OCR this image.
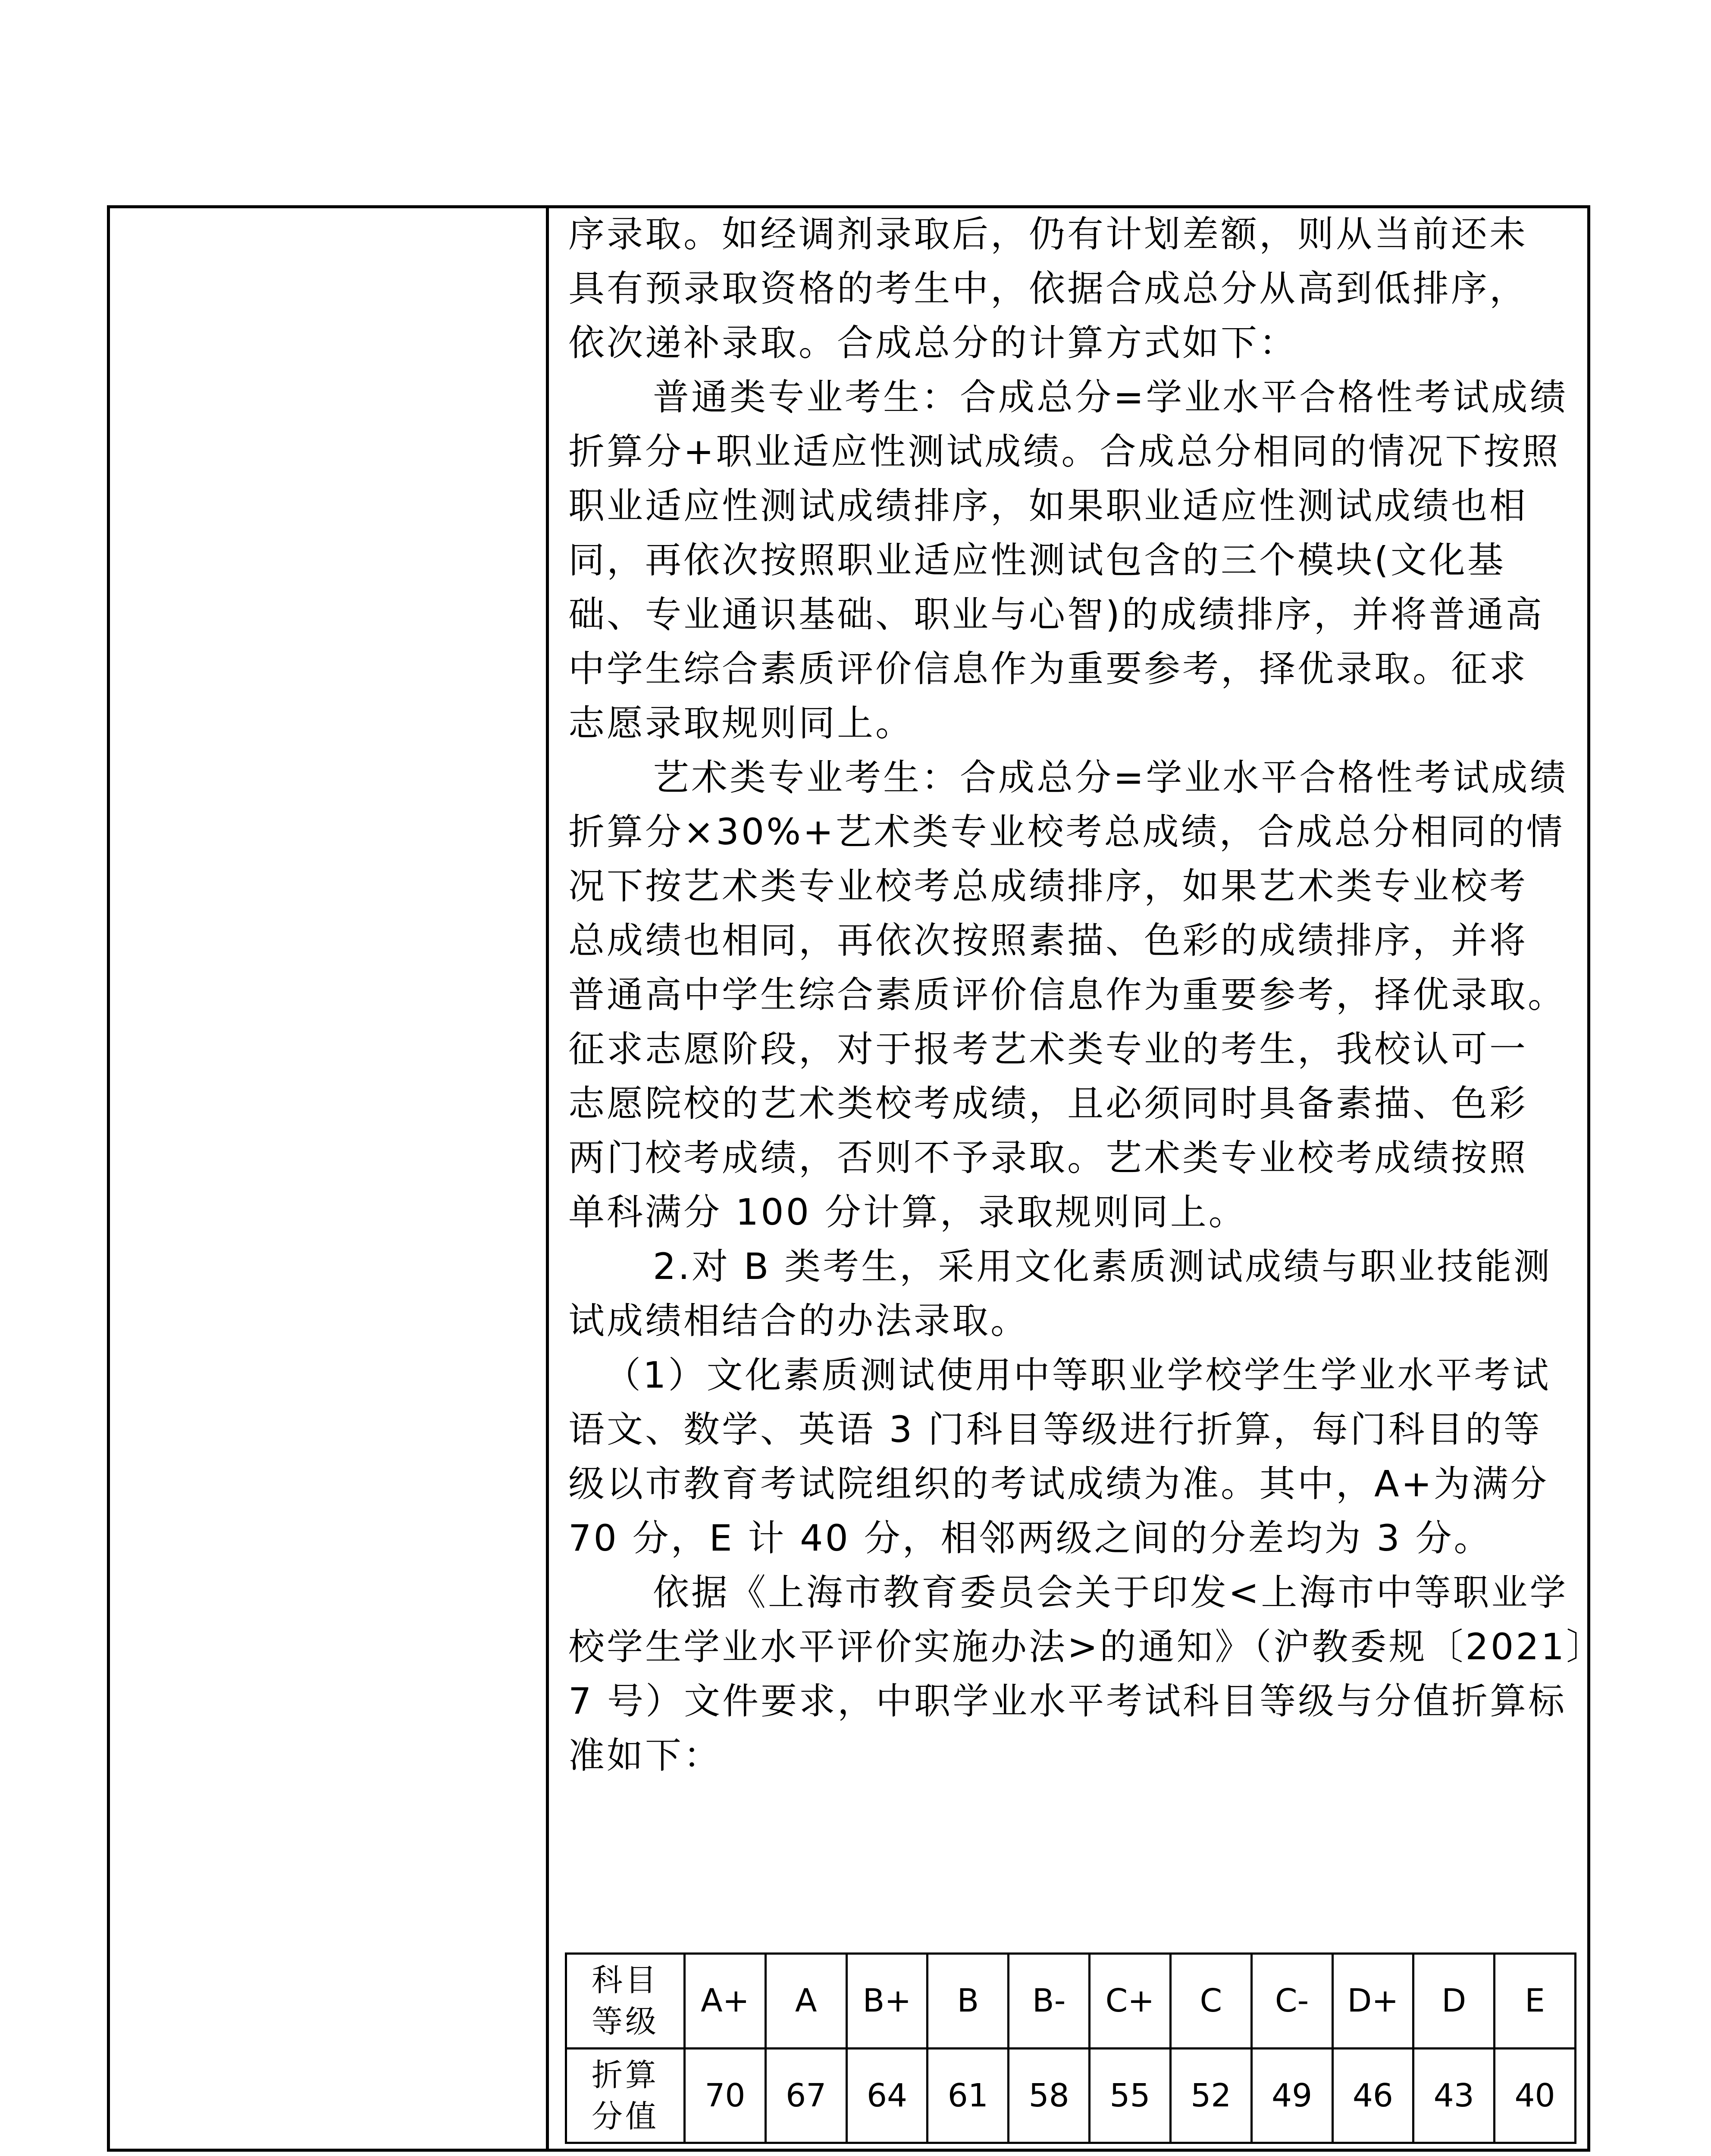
序录取。如经调剂录取后，仍有计划差额，则从当前还未
具有预录取资格的考生中，依据合成总分从高到低排序，
依次递补录取。合成总分的计算方式如下：
普通类专业考生：合成总分=学业水平合格性考试成绩
折算分+职业适应性测试成绩。合成总分相同的情况下按照
职业适应性测试成绩排序，如果职业适应性测试成绩也相
同，再依次按照职业适应性测试包含的三个模块(文化基
础、专业通识基础、职业与心智)的成绩排序，并将普通高
中学生综合素质评价信息作为重要参考，择优录取。征求
志愿录取规则同上。
艺术类专业考生：合成总分=学业水平合格性考试成绩
折算分×30%+艺术类专业校考总成绩，合成总分相同的情
况下按艺术类专业校考总成绩排序，如果艺术类专业校考
总成绩也相同，再依次按照素描、色彩的成绩排序，并将
普通高中学生综合素质评价信息作为重要参考，择优录取。
征求志愿阶段，对于报考艺术类专业的考生，我校认可一
志愿院校的艺术类校考成绩，且必须同时具备素描、色彩
两门校考成绩，否则不予录取。艺术类专业校考成绩按照
单科满分 100 分计算，录取规则同上。
2.对 B 类考生，采用文化素质测试成绩与职业技能测
试成绩相结合的办法录取。
（1）文化素质测试使用中等职业学校学生学业水平考试
语文、数学、英语 3 门科目等级进行折算，每门科目的等
级以市教育考试院组织的考试成绩为准。其中，A+为满分
70 分，E 计 40 分，相邻两级之间的分差均为 3 分。
依据《上海市教育委员会关于印发<上海市中等职业学
校学生学业水平评价实施办法>的通知》（沪教委规〔2021〕
7 号）文件要求，中职学业水平考试科目等级与分值折算标
准如下：
科目
等级	A+	A	B+	B	B-	C+	C	C-	D+	D	E

折算
分值	70	67	64	61	58	55	52	49	46	43	40
